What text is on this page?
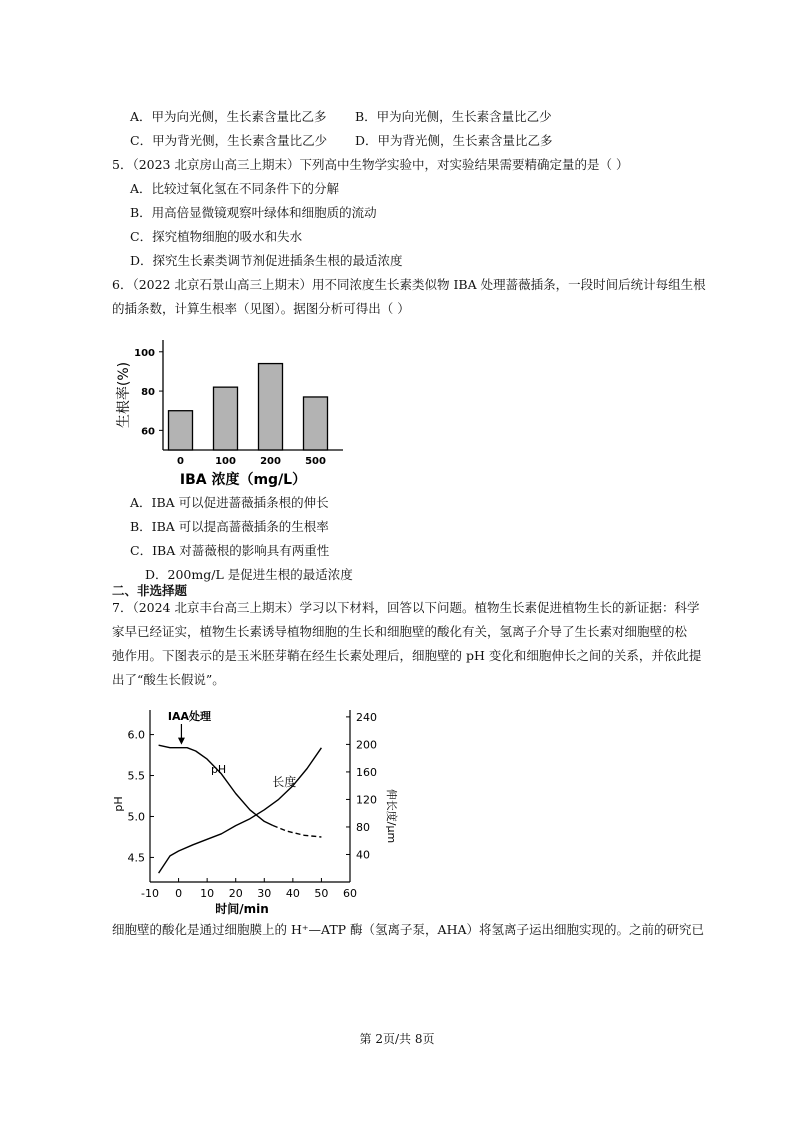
A．甲为向光侧，生长素含量比乙多 B．甲为向光侧，生长素含量比乙少
C．甲为背光侧，生长素含量比乙少 D．甲为背光侧，生长素含量比乙多
5．（2023 北京房山高三上期末）下列高中生物学实验中，对实验结果需要精确定量的是（ ）
A．比较过氧化氢在不同条件下的分解
B．用高倍显微镜观察叶绿体和细胞质的流动
C．探究植物细胞的吸水和失水
D．探究生长素类调节剂促进插条生根的最适浓度
6．（2022 北京石景山高三上期末）用不同浓度生长素类似物 IBA 处理蔷薇插条，一段时间后统计每组生根
的插条数，计算生根率（见图）。据图分析可得出（ ）
60
80
100
0	100 200 500
生根率(%)
IBA 浓度（mg/L）
A．IBA 可以促进蔷薇插条根的伸长
B．IBA 可以提高蔷薇插条的生根率
C．IBA 对蔷薇根的影响具有两重性
D．200mg/L 是促进生根的最适浓度
二、非选择题
7．（2024 北京丰台高三上期末）学习以下材料，回答以下问题。植物生长素促进植物生长的新证据：科学
家早已经证实，植物生长素诱导植物细胞的生长和细胞壁的酸化有关，氢离子介导了生长素对细胞壁的松
弛作用。下图表示的是玉米胚芽鞘在经生长素处理后，细胞壁的 pH 变化和细胞伸长之间的关系，并依此提
出了“酸生长假说”。
-10 0 10 20 30 40 50 60
4.5
5.0
5.5
6.0
40
80
120
160
200
240
pH	伸长度/μm
时间/min
pH
长度
IAA处理
细胞壁的酸化是通过细胞膜上的 H⁺—ATP 酶（氢离子泵，AHA）将氢离子运出细胞实现的。之前的研究已
第 2页/共 8页
